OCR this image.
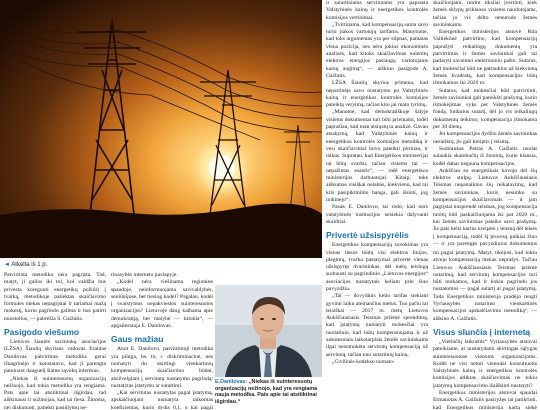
◄ Atkelta iš 1 p.

Patvirtinta metodika nėra pagrįsta. Tad, matyt, ji galios iki tol, kol valdžia bus privesta koreguoti energetikų požiūrį į tvarką, metodikoje patiektas skaičiavimo formules niekas nepagrįstai ir tariamai mažą mokestį, kurio pagrindu galima ir bus patirti nuostolius, — pabrėžia S. Gaižutis.

Pasigodo viešumo

Lietuvos šiaurės savininkų asociacijos (LŽSA) Šiaulių skyriaus vadovas Eraldas Danilovas patvirtinta metodika gerai išnagrinėjo ir konstatavo, kad ji parengta paminant dauguelį šiame sąvokų interesus.

„Niekas iš suinteresuotų organizacijų nežinojo, kad tokia metodika yra rengiama. Pats apie tai atsitiktinai išgirdau, tad aiškinausi ir sužinojau, kad tai tiesa. Žinoma, nei diskutuoti, patiekti pasiūlymų ne-

rinasybės interneto puslapyje.

„Kodėl nėra viešinama regionine spaudoje, neinformuojama savivaldybės, seniūnijose, bet tiesiog kodėl? Pagalau, kodėl į svarstymus nepakviestos suinteresuotos organizacijos? Lietuvoje daug kalbama apie demokratiją, bet malybė — kitokia“, — apgailestauja E. Danilovas.

Gaus mažiau

Anot E. Danilovo, patvirtintoji metodika yra pilnga, bs. to, r. diskriminacinė, nes numatyti du skirtingi vienkartinių kompensacijų skaičiavimo būdai, atsižvelgiant į servitutų nustatymo pagrindą: nustatytas įstatymu ar sutartimi.

„Kai servitutas nustatytas pagal įstatymą, apskaičiuojant numatyta taikomas koeficientas, kurio dydis 0,1, o kai pagal

E.Danilovas: „Niekas iš suinteresuotų organizacijų nežinojo, kad yra rengiama nauja metodika. Pats apie tai atsitiktinai išgirdau.“

ir sutartiniams servitutams yra paprasta Valstybinės kainų ir energetikos kontrolės komisijos vertinimai.

„Tvirtinama, kad kompensacijų suma savo turiu jiakos vartotojų tarifams. Manytume, kad toks argumentas yra per silpnas, pamatas viena pozicija, nes nėra jokios ekonominės analizės, kad kitoks skaičiavimas nulemtų elektros energijos paslaugų vartotojams kainų augimą“, — aiškino pasigodo A. Gaižutis.

LŽSA Šiaulių skyrius primena, kad nepartinėje savo nustatymo po Valstybinės kainų ir energetikos kontrolės komisijos pateiktą veryimą, tačiau kito jai mato tyrimų.

„Manome, kad demokratiškoje šalyje visiems dokumentai turi būti prieinami, todėl paprašiau, kad man atsiųstų ta analizė. Gavau atsakymą, kad Valstybinės kainų ir energetikos kontrolės komisijos metodiką ir vesi skaičiavimai buvo pateikti pirmiau, ir taikas. Supratau, kad Energetikos ministerijai tai būtų svarbu, tačiau visiems tai — nepažintas esantis“, — rašė energetikos ministerijos darbuotojai. Kitaip, toks aiškumas visiškai nelabūs, kiekvienu, kad tai kils pasipiktinimo banga, gali išsinti, jog inikinejo“.

Pasak E. Danilovo, tai rodo, kad nors valstybinės institucijos nesiekia dalyvauti skaidriai.

Privertė užsispyrėlis

Energetikos kompensacijų suvokimas yra vienas tiesos būdų visi elektros linijos, įdegimų, tvarka pastatymai privertė vienas užsispyręs dvarininkas, dėl inėtų teisingą sudrausti su pagrindinio „Lietuvos energijos“ asociacijos nustatytais keliam prie šiuo pavyzdžiu.

„Tai — dovydinis kelio tarifas siekiant gyvinti laiku ateinančius metus. Tuo pačiu tai teisiškai — 2017 m. metų Lietuvos Aukščiausiasis Teismas priėmė sprendimą, kad įstatymų numatyti mokesčiai yra nuolatinio, kad būtų kompensuojama ir už ankstesniais laikotarpiais žemės savininkams ilgai nesumokėta servitutų kompensaciją už servitutą, tačiau nuo sutartinių kainų.

„Civilinės kodekso numato-

skaičiuojami, norint tiksliai įvertinti, kiek žemės sklypų priklauso visiems naudotojams, tačiau jo vis dėlto nenurodo žemės savininkams.

Energetikos ministerijos atstovė Rita Vaitiekūnė patvirtino, kad kompensacijų paprašyti reikalingų dokumentų yra patvirtintas ir žemės savininkai gali tai padaryti savaimei elektroniniu paštu. Sutarus, kad mokesčiai būti ne patrauklus už kiekvieną žemės kvadratą, kad kompensacijos būtų išmokamos iki 2020 m.

Sutarus, kad mokesčiai būti patvirtinti, žemės savininkai gali pareikšti prašymą, kurio išmokėjimas vyks per Valstybinės žemės fondą. Sudarius sutartį, dėl jo vis reikalingų dokumentų teikimo, kompensacija išmokama per 30 dienų.

Jei kompensacijos dydžiu žemės savininkas nesutiktų, jis gali kreiptis į teismą.

Sodininkas Petras A. Gaižutis nuolat sulaukia skambučių iš žmonių, kurie klausia, kodėl dabar negauna kompensacijos.

Ankščiau su energetikais kovojo dėl šių elektros stulpų. Lietuvos Aukščiausiasis Teismas nepanaikino šių reikalavimų, kad žemės savininkas, kuris nesutiko su kompensacijos skaičiavimais — ir jam pagrįstai nusprendė teismas, jog kompensacija turėtų būti paskaičiuojama iki pat 2020 m., kai žemės savininkas pateiks savo prašymą. Jis pats kelis kartus kreipėsi į teismą dėl teisės į kompensaciją, todėl šį procesą puikiai žino — ir yra parengęs pavyzdinius dokumentus

mi pagal įstatymą. Matyt, tikėjosi, kad tokiu atveju kompensaciją niekas neprašys. Tačiau Lietuvos Aukščiausiasis Teismas priėmė nutarimą, kad servitutų kompensacijos turi būti mokamos, kad ir kokiu pagrindu jos nustatomos — pagal sutartį ar pagal įstatymą. Tada Energetikos ministerija pradėjo rengti Vyriausybės nutarimo vienkartinės kompensacijos apskaičiavimo metodiką“, — aiškino A. Gaižutis.

Visus slunčia į internetą

„Vietinčių laikraštis“ Vyriausybės atstovai pateikiame, ar nustatydami skirtingas sąlygas suinteresuotose vienoms organizacijoms. Kodėl ne visi neturi vienodai konsultuotis Valstybinės kainų ir energetikos kontrolės komisijos atliktas skaičiavimas ne tokiu įstatymų kompensavimo išaiškinti nustatyti?

Energetikos ministerijos atstovai spaudai Ermanotas A. Gaižutis pasiryžęs tai patikrinti, kad Energetikos ministerija kartą siekė
